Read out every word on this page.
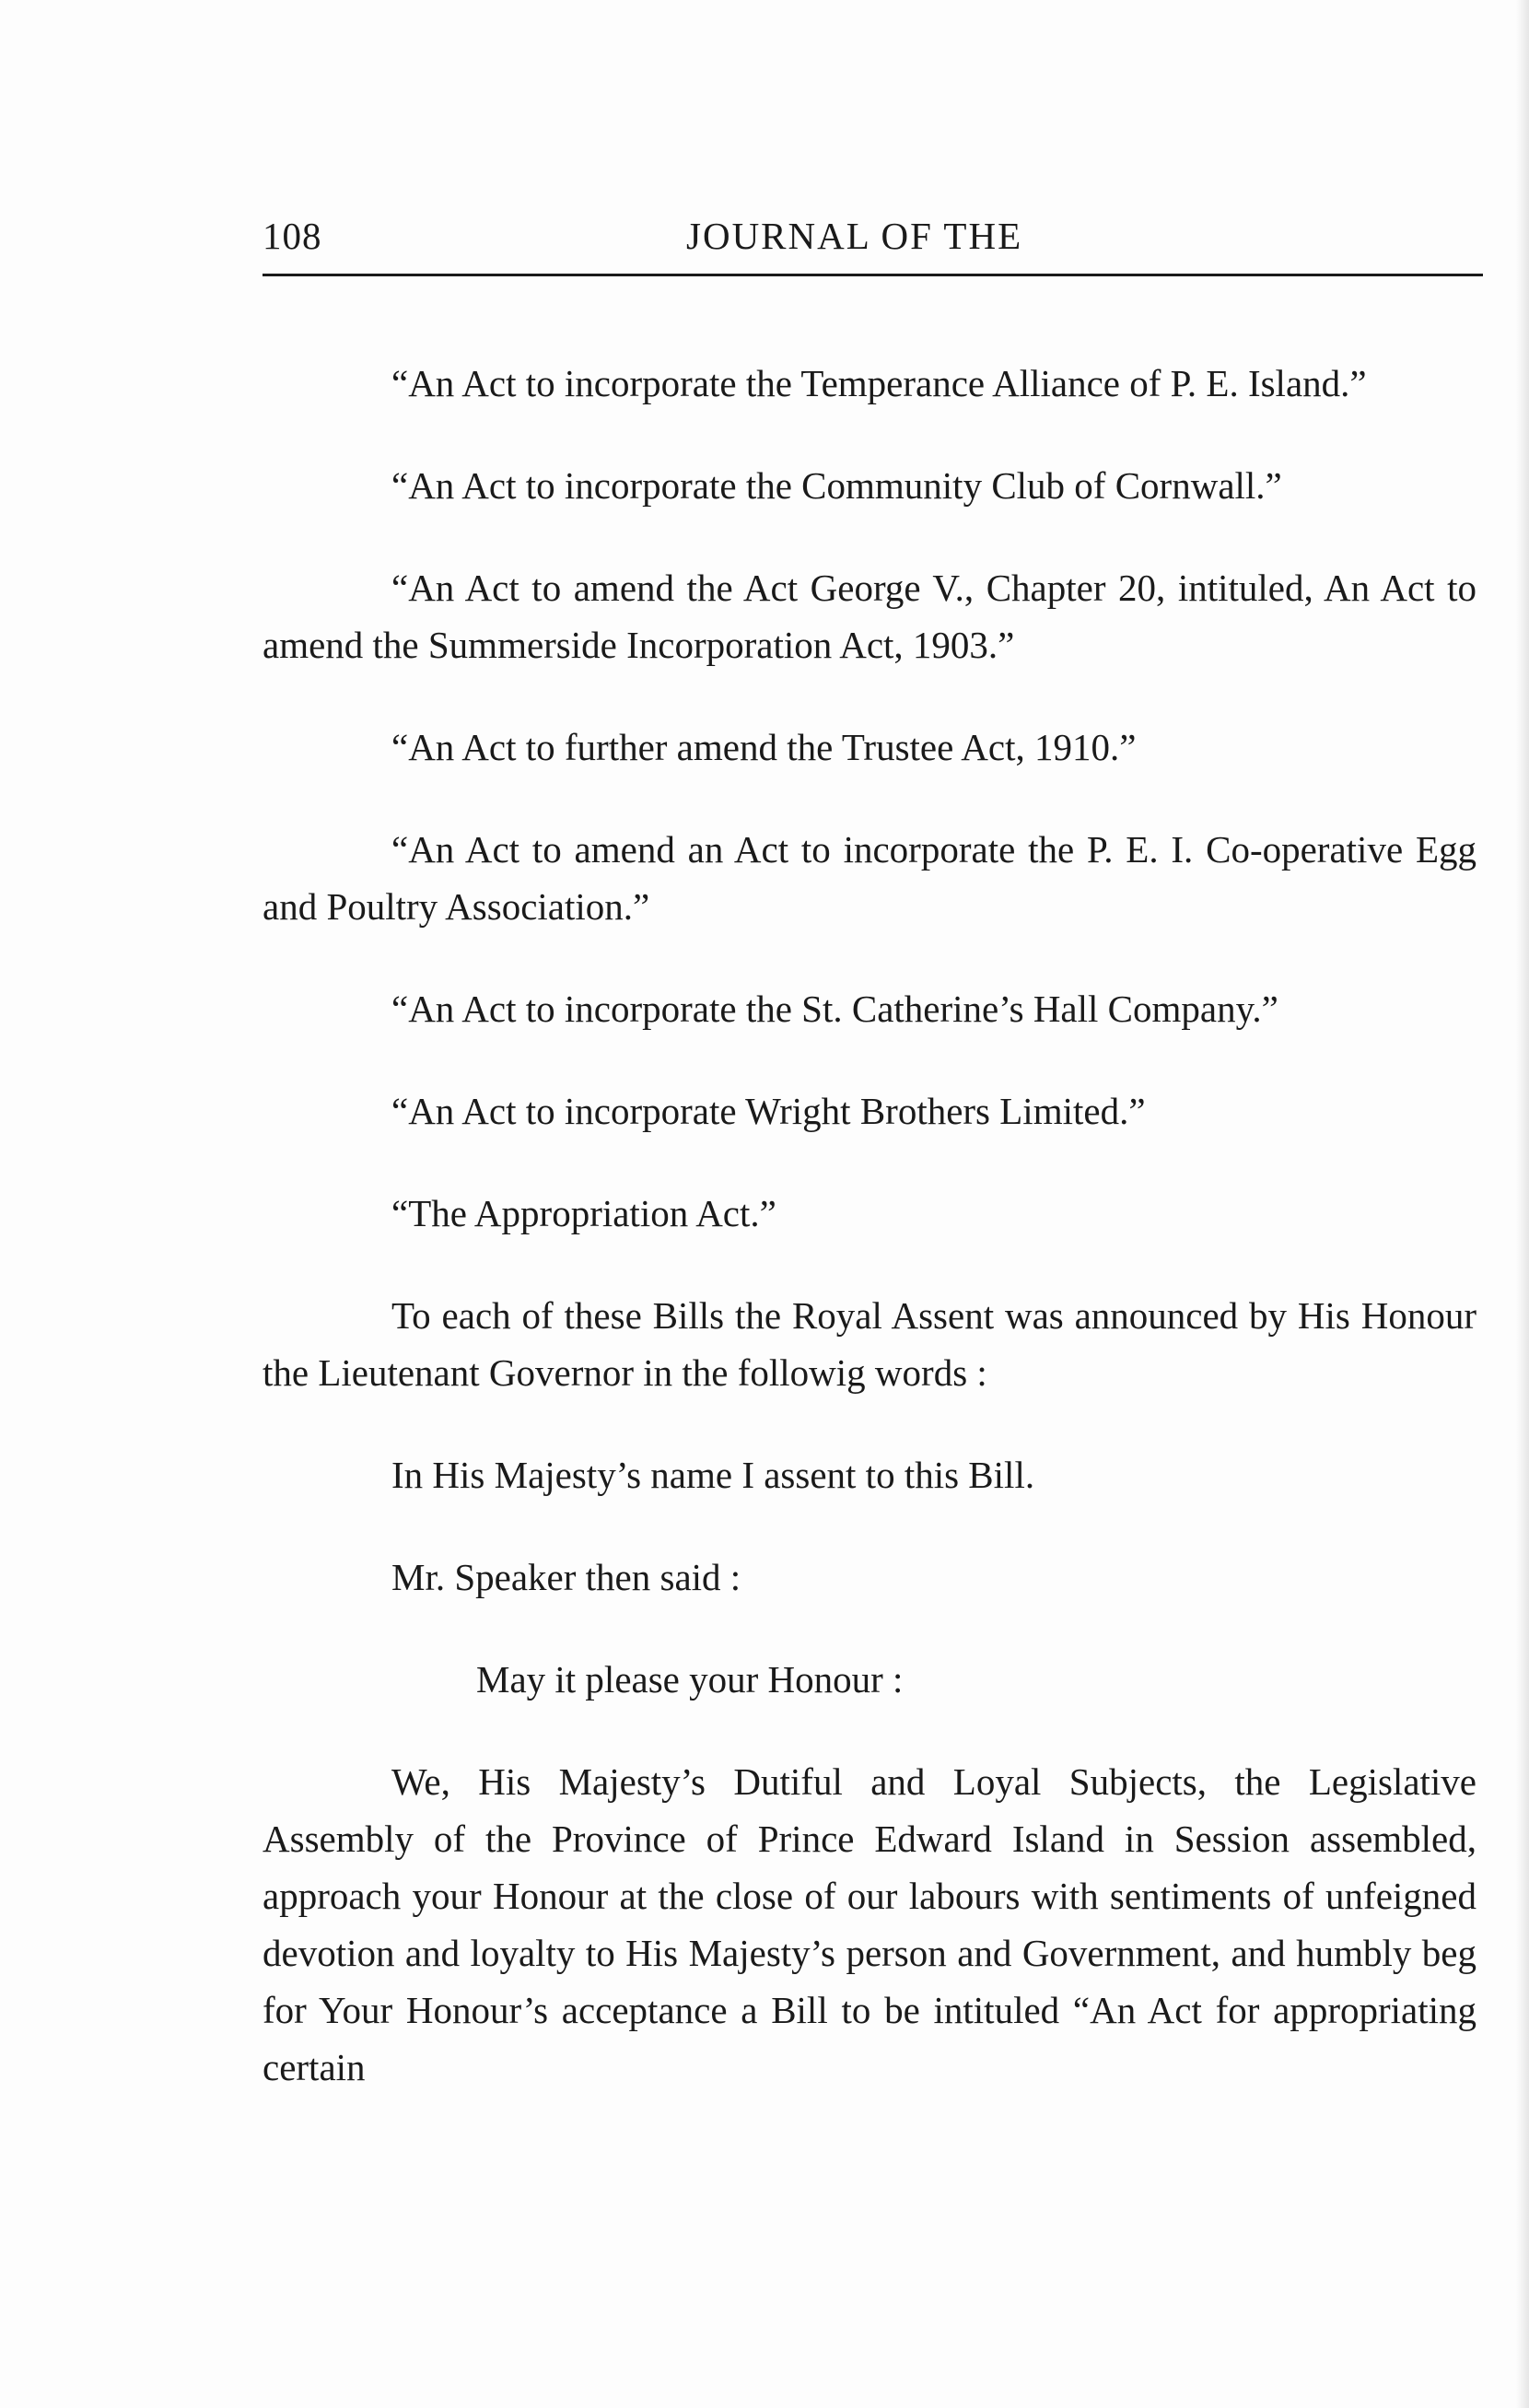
108	JOURNAL OF THE

“An Act to incorporate the Temperance Alliance of P. E. Island.”

“An Act to incorporate the Community Club of Cornwall.”

“An Act to amend the Act George V., Chapter 20, intituled, An Act to amend the Summerside Incorporation Act, 1903.”

“An Act to further amend the Trustee Act, 1910.”

“An Act to amend an Act to incorporate the P. E. I. Co-operative Egg and Poultry Association.”

“An Act to incorporate the St. Catherine’s Hall Company.”

“An Act to incorporate Wright Brothers Limited.”

“The Appropriation Act.”

To each of these Bills the Royal Assent was announced by His Honour the Lieutenant Governor in the followig words :

In His Majesty’s name I assent to this Bill.

Mr. Speaker then said :

May it please your Honour :

We, His Majesty’s Dutiful and Loyal Subjects, the Legislative Assembly of the Province of Prince Edward Island in Session assembled, approach your Honour at the close of our labours with sentiments of unfeigned devotion and loyalty to His Majesty’s person and Government, and humbly beg for Your Honour’s acceptance a Bill to be intituled “An Act for appropriating certain
